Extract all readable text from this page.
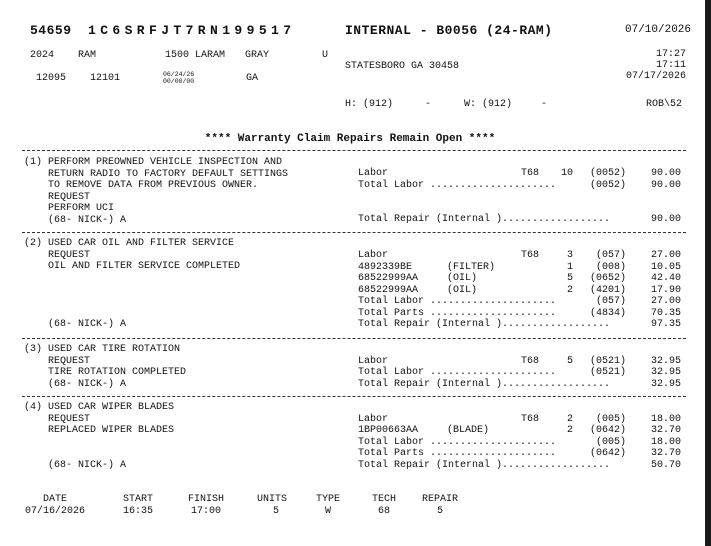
54659 1C6SRFJT7RN199517	INTERNAL - B0056 (24-RAM)	07/10/2026
2024 RAM	1500 LARAM GRAY	U	17:27
17:11
07/17/2026
STATESBORO GA 30458
12095 12101	06/24/26
00/00/00	GA
H: (912)	-	W: (912)	-	ROB\52
**** Warranty Claim Repairs Remain Open ****
(1) PERFORM PREOWNED VEHICLE INSPECTION AND
RETURN RADIO TO FACTORY DEFAULT SETTINGS
TO REMOVE DATA FROM PREVIOUS OWNER.
REQUEST
PERFORM UCI
(68- NICK-) A
Labor	T68	10	(0052)	90.00
Total Labor .....................	(0052)	90.00
Total Repair (Internal )..................	90.00
(2) USED CAR OIL AND FILTER SERVICE
REQUEST
OIL AND FILTER SERVICE COMPLETED
(68- NICK-) A
Labor	T68	3	(057)	27.00
4892339BE	(FILTER)	1	(008)	10.05
68522999AA	(OIL)	5	(0652)	42.40
68522999AA	(OIL)	2	(4201)	17.90
Total Labor .....................	(057)	27.00
Total Parts .....................	(4834)	70.35
Total Repair (Internal )..................	97.35
(3) USED CAR TIRE ROTATION
REQUEST
TIRE ROTATION COMPLETED
(68- NICK-) A
Labor	T68	5	(0521)	32.95
Total Labor .....................	(0521)	32.95
Total Repair (Internal )..................	32.95
(4) USED CAR WIPER BLADES
REQUEST
REPLACED WIPER BLADES
(68- NICK-) A
Labor	T68	2	(005)	18.00
1BP00663AA	(BLADE)	2	(0642)	32.70
Total Labor .....................	(005)	18.00
Total Parts .....................	(0642)	32.70
Total Repair (Internal )..................	50.70
DATE	START	FINISH	UNITS	TYPE	TECH	REPAIR
07/16/2026	16:35	17:00	5	W	68	5
